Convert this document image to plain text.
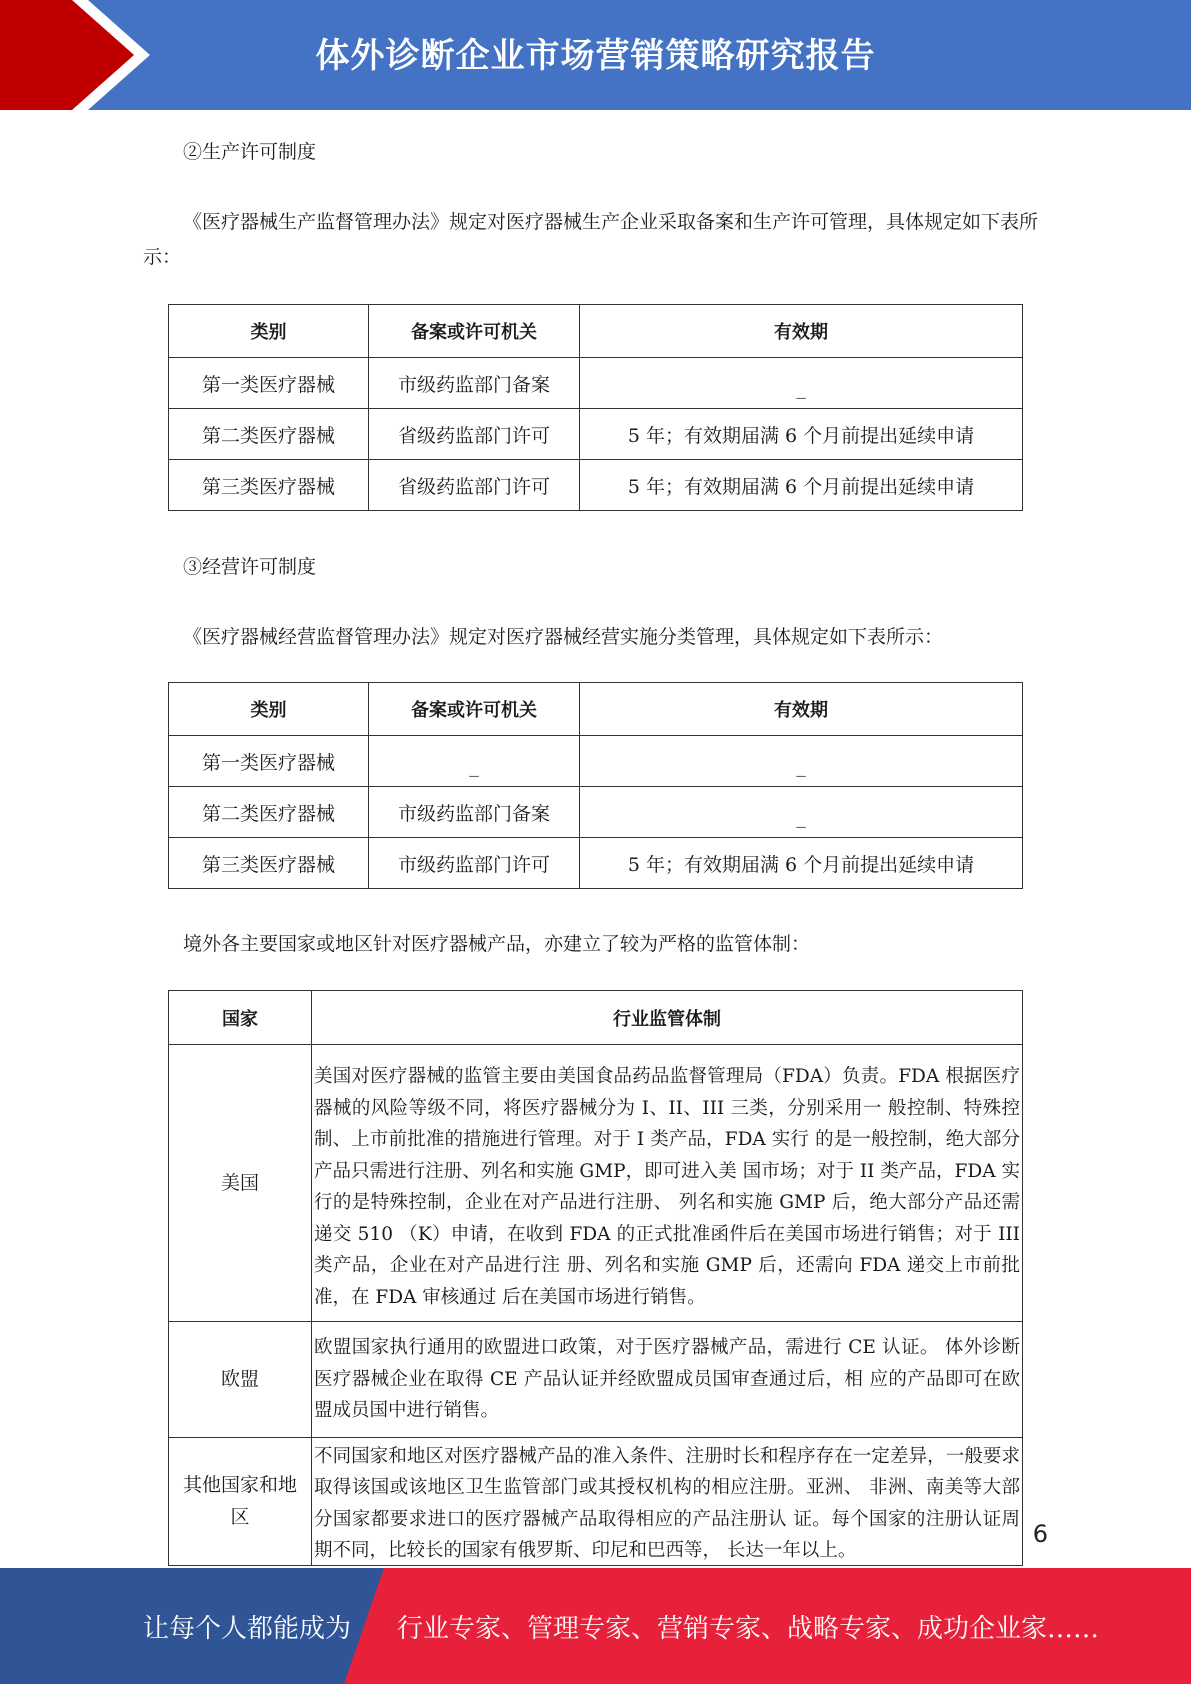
体外诊断企业市场营销策略研究报告
②生产许可制度
《医疗器械生产监督管理办法》规定对医疗器械生产企业采取备案和生产许可管理，具体规定如下表所示：
类别	备案或许可机关	有效期
第一类医疗器械	市级药监部门备案	_

第二类医疗器械	省级药监部门许可	5 年；有效期届满 6 个月前提出延续申请
第三类医疗器械	省级药监部门许可	5 年；有效期届满 6 个月前提出延续申请
③经营许可制度
《医疗器械经营监督管理办法》规定对医疗器械经营实施分类管理，具体规定如下表所示：
类别	备案或许可机关	有效期
第一类医疗器械	_	_

第二类医疗器械	市级药监部门备案	_

第三类医疗器械	市级药监部门许可	5 年；有效期届满 6 个月前提出延续申请
境外各主要国家或地区针对医疗器械产品，亦建立了较为严格的监管体制：
国家	行业监管体制
美国	美国对医疗器械的监管主要由美国食品药品监督管理局（FDA）负责。FDA 根据医疗器械的风险等级不同，将医疗器械分为 I、II、III 三类，分别采用一 般控制、特殊控制、上市前批准的措施进行管理。对于 I 类产品，FDA 实行 的是一般控制，绝大部分产品只需进行注册、列名和实施 GMP，即可进入美 国市场；对于 II 类产品，FDA 实行的是特殊控制，企业在对产品进行注册、 列名和实施 GMP 后，绝大部分产品还需递交 510 （K）申请，在收到 FDA 的正式批准函件后在美国市场进行销售；对于 III 类产品，企业在对产品进行注 册、列名和实施 GMP 后，还需向 FDA 递交上市前批准，在 FDA 审核通过 后在美国市场进行销售。
欧盟	欧盟国家执行通用的欧盟进口政策，对于医疗器械产品，需进行 CE 认证。 体外诊断医疗器械企业在取得 CE 产品认证并经欧盟成员国审查通过后，相 应的产品即可在欧盟成员国中进行销售。
其他国家和地区	不同国家和地区对医疗器械产品的准入条件、注册时长和程序存在一定差异，一般要求取得该国或该地区卫生监管部门或其授权机构的相应注册。亚洲、 非洲、南美等大部分国家都要求进口的医疗器械产品取得相应的产品注册认 证。每个国家的注册认证周期不同，比较长的国家有俄罗斯、印尼和巴西等， 长达一年以上。
6
让每个人都能成为 行业专家、管理专家、营销专家、战略专家、成功企业家……
